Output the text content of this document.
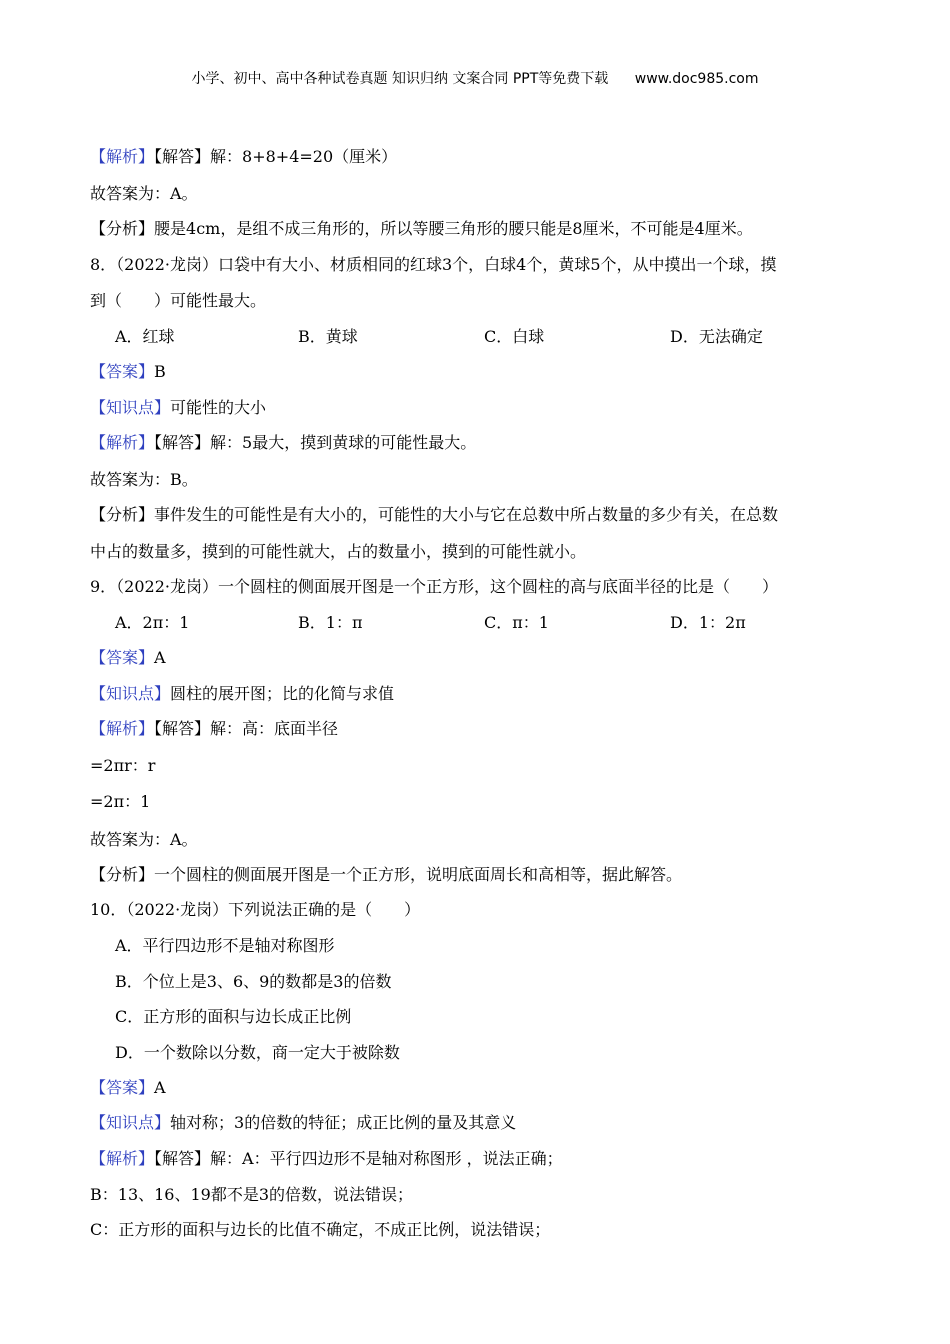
小学、初中、高中各种试卷真题 知识归纳 文案合同 PPT等免费下载 www.doc985.com
【解析】【解答】解：8+8+4=20（厘米）
故答案为：A。
【分析】腰是4cm，是组不成三角形的，所以等腰三角形的腰只能是8厘米，不可能是4厘米。
8．（2022·龙岗）口袋中有大小、材质相同的红球3个，白球4个，黄球5个，从中摸出一个球，摸
到（　　）可能性最大。
A．红球	B．黄球	C．白球	D．无法确定
【答案】B
【知识点】可能性的大小
【解析】【解答】解：5最大，摸到黄球的可能性最大。
故答案为：B。
【分析】事件发生的可能性是有大小的，可能性的大小与它在总数中所占数量的多少有关，在总数
中占的数量多，摸到的可能性就大，占的数量小，摸到的可能性就小。
9．（2022·龙岗）一个圆柱的侧面展开图是一个正方形，这个圆柱的高与底面半径的比是（　　）
A．2π：1	B．1：π	C．π：1	D．1：2π
【答案】A
【知识点】圆柱的展开图；比的化简与求值
【解析】【解答】解：高：底面半径
=2πr：r
=2π：1
故答案为：A。
【分析】一个圆柱的侧面展开图是一个正方形，说明底面周长和高相等，据此解答。
10．（2022·龙岗）下列说法正确的是（　　）
A．平行四边形不是轴对称图形
B．个位上是3、6、9的数都是3的倍数
C．正方形的面积与边长成正比例
D．一个数除以分数，商一定大于被除数
【答案】A
【知识点】轴对称；3的倍数的特征；成正比例的量及其意义
【解析】【解答】解：A：平行四边形不是轴对称图形 ，说法正确；
B：13、16、19都不是3的倍数，说法错误；
C：正方形的面积与边长的比值不确定，不成正比例，说法错误；
